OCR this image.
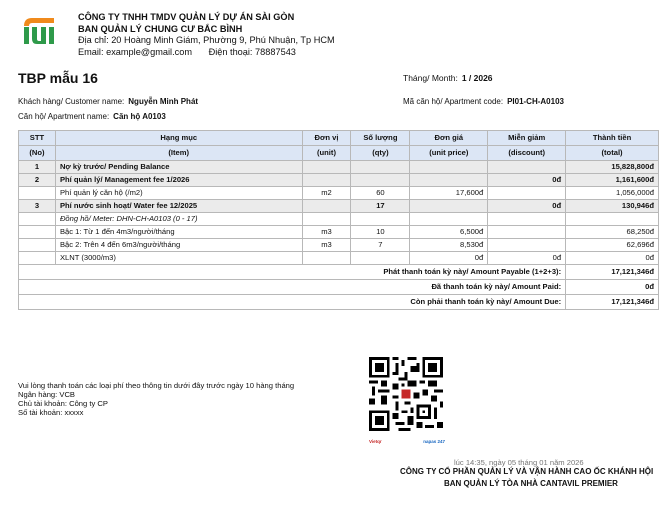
CÔNG TY TNHH TMDV QUẢN LÝ DỰ ÁN SÀI GÒN
BAN QUẢN LÝ CHUNG CƯ BẮC BÌNH
Địa chỉ: 20 Hoàng Minh Giám, Phường 9, Phú Nhuận, Tp HCM
Email: example@gmail.com Điện thoại: 78887543
TBP mẫu 16	Tháng/ Month: 1 / 2026
Khách hàng/ Customer name: Nguyễn Minh Phát
Căn hộ/ Apartment name: Căn hộ A0103
Mã căn hộ/ Apartment code: PI01-CH-A0103
STT	Hạng mục	Đơn vị	Số lượng	Đơn giá	Miễn giảm	Thành tiền
(No)	(Item)	(unit)	(qty)	(unit price)	(discount)	(total)
1	Nợ kỳ trước/ Pending Balance					15,828,800đ
2	Phí quản lý/ Management fee 1/2026				0đ	1,161,600đ
	Phí quản lý căn hộ (/m2)	m2	60	17,600đ		1,056,000đ
3	Phí nước sinh hoạt/ Water fee 12/2025		17		0đ	130,946đ
	Đồng hồ/ Meter: DHN-CH-A0103 (0 - 17)					
	Bậc 1: Từ 1 đến 4m3/người/tháng	m3	10	6,500đ		68,250đ
	Bậc 2: Trên 4 đến 6m3/người/tháng	m3	7	8,530đ		62,696đ
	XLNT (3000/m3)			0đ	0đ	0đ
Phát thanh toán kỳ này/ Amount Payable (1+2+3):						17,121,346đ
Đã thanh toán kỳ này/ Amount Paid:						0đ
Còn phải thanh toán kỳ này/ Amount Due:						17,121,346đ
Vui lòng thanh toán các loại phí theo thông tin dưới đây trước ngày 10 hàng tháng
Ngân hàng: VCB
Chủ tài khoản: Công ty CP
Số tài khoản: xxxxx
Vietqr	napas 247
lúc 14:35, ngày 05 tháng 01 năm 2026
CÔNG TY CỔ PHẦN QUẢN LÝ VÀ VẬN HÀNH CAO ỐC KHÁNH HỘI
BAN QUẢN LÝ TÒA NHÀ CANTAVIL PREMIER
